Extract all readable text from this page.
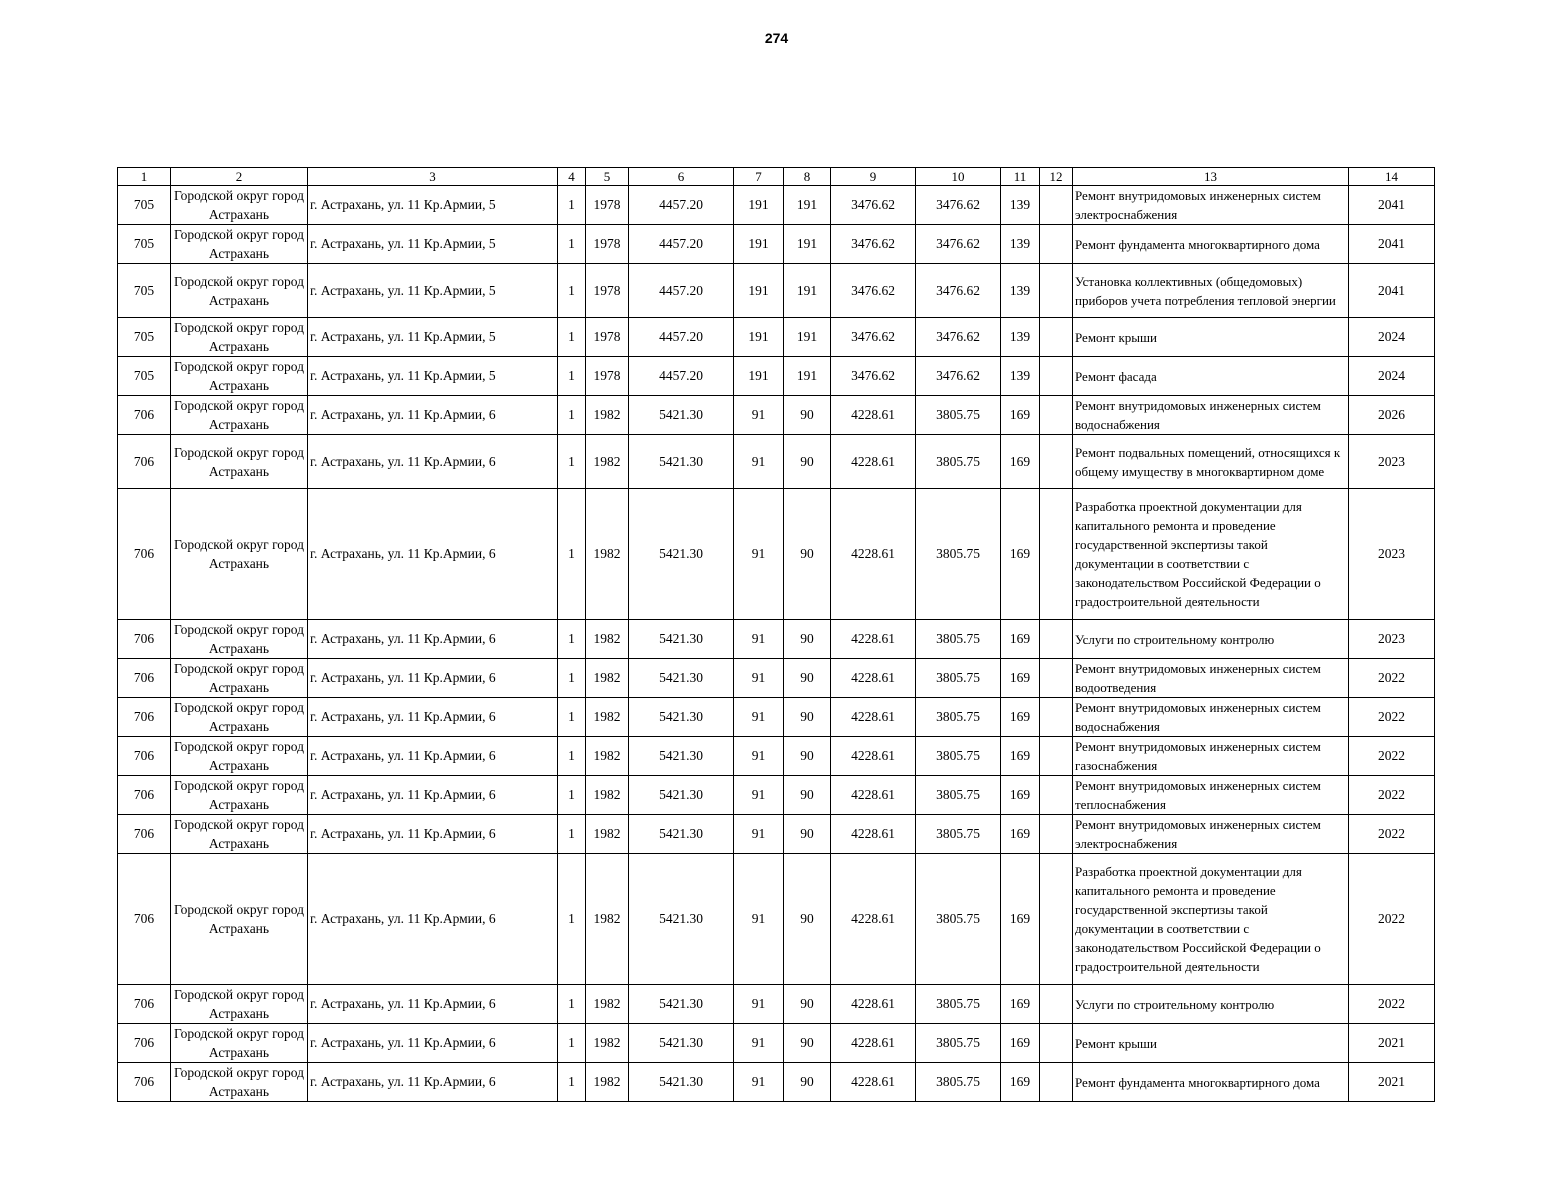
274
1	2	3	4	5	6	7	8	9	10	11	12	13	14
705	Городской округ город Астрахань	г. Астрахань, ул. 11 Кр.Армии, 5	1	1978	4457.20	191	191	3476.62	3476.62	139		Ремонт внутридомовых инженерных систем электроснабжения	2041
705	Городской округ город Астрахань	г. Астрахань, ул. 11 Кр.Армии, 5	1	1978	4457.20	191	191	3476.62	3476.62	139		Ремонт фундамента многоквартирного дома	2041
705	Городской округ город Астрахань	г. Астрахань, ул. 11 Кр.Армии, 5	1	1978	4457.20	191	191	3476.62	3476.62	139		Установка коллективных (общедомовых) приборов учета потребления тепловой энергии	2041
705	Городской округ город Астрахань	г. Астрахань, ул. 11 Кр.Армии, 5	1	1978	4457.20	191	191	3476.62	3476.62	139		Ремонт крыши	2024
705	Городской округ город Астрахань	г. Астрахань, ул. 11 Кр.Армии, 5	1	1978	4457.20	191	191	3476.62	3476.62	139		Ремонт фасада	2024
706	Городской округ город Астрахань	г. Астрахань, ул. 11 Кр.Армии, 6	1	1982	5421.30	91	90	4228.61	3805.75	169		Ремонт внутридомовых инженерных систем водоснабжения	2026
706	Городской округ город Астрахань	г. Астрахань, ул. 11 Кр.Армии, 6	1	1982	5421.30	91	90	4228.61	3805.75	169		Ремонт подвальных помещений, относящихся к общему имуществу в многоквартирном доме	2023
706	Городской округ город Астрахань	г. Астрахань, ул. 11 Кр.Армии, 6	1	1982	5421.30	91	90	4228.61	3805.75	169		Разработка проектной документации для капитального ремонта и проведение государственной экспертизы такой документации в соответствии с законодательством Российской Федерации о градостроительной деятельности	2023
706	Городской округ город Астрахань	г. Астрахань, ул. 11 Кр.Армии, 6	1	1982	5421.30	91	90	4228.61	3805.75	169		Услуги по строительному контролю	2023
706	Городской округ город Астрахань	г. Астрахань, ул. 11 Кр.Армии, 6	1	1982	5421.30	91	90	4228.61	3805.75	169		Ремонт внутридомовых инженерных систем водоотведения	2022
706	Городской округ город Астрахань	г. Астрахань, ул. 11 Кр.Армии, 6	1	1982	5421.30	91	90	4228.61	3805.75	169		Ремонт внутридомовых инженерных систем водоснабжения	2022
706	Городской округ город Астрахань	г. Астрахань, ул. 11 Кр.Армии, 6	1	1982	5421.30	91	90	4228.61	3805.75	169		Ремонт внутридомовых инженерных систем газоснабжения	2022
706	Городской округ город Астрахань	г. Астрахань, ул. 11 Кр.Армии, 6	1	1982	5421.30	91	90	4228.61	3805.75	169		Ремонт внутридомовых инженерных систем теплоснабжения	2022
706	Городской округ город Астрахань	г. Астрахань, ул. 11 Кр.Армии, 6	1	1982	5421.30	91	90	4228.61	3805.75	169		Ремонт внутридомовых инженерных систем электроснабжения	2022
706	Городской округ город Астрахань	г. Астрахань, ул. 11 Кр.Армии, 6	1	1982	5421.30	91	90	4228.61	3805.75	169		Разработка проектной документации для капитального ремонта и проведение государственной экспертизы такой документации в соответствии с законодательством Российской Федерации о градостроительной деятельности	2022
706	Городской округ город Астрахань	г. Астрахань, ул. 11 Кр.Армии, 6	1	1982	5421.30	91	90	4228.61	3805.75	169		Услуги по строительному контролю	2022
706	Городской округ город Астрахань	г. Астрахань, ул. 11 Кр.Армии, 6	1	1982	5421.30	91	90	4228.61	3805.75	169		Ремонт крыши	2021
706	Городской округ город Астрахань	г. Астрахань, ул. 11 Кр.Армии, 6	1	1982	5421.30	91	90	4228.61	3805.75	169		Ремонт фундамента многоквартирного дома	2021
